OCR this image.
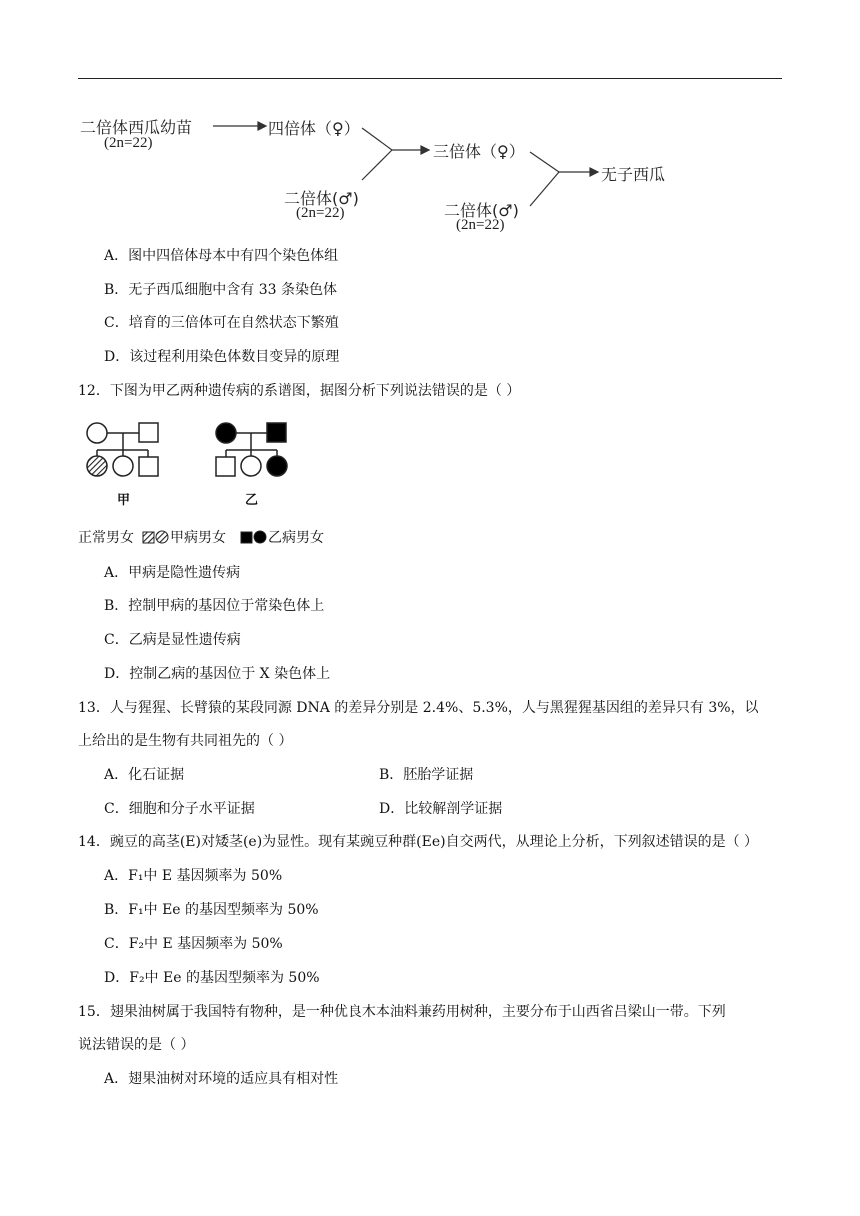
二倍体西瓜幼苗
(2n=22)
四倍体（♀）
二倍体(♂)
(2n=22)
三倍体（♀）
二倍体(♂)
(2n=22)
无子西瓜
A．图中四倍体母本中有四个染色体组
B．无子西瓜细胞中含有 33 条染色体
C．培育的三倍体可在自然状态下繁殖
D．该过程利用染色体数目变异的原理
12．下图为甲乙两种遗传病的系谱图，据图分析下列说法错误的是（ ）
甲	乙
正常男女	甲病男女	乙病男女
A．甲病是隐性遗传病
B．控制甲病的基因位于常染色体上
C．乙病是显性遗传病
D．控制乙病的基因位于 X 染色体上
13．人与猩猩、长臂猿的某段同源 DNA 的差异分别是 2.4%、5.3%，人与黑猩猩基因组的差异只有 3%，以
上给出的是生物有共同祖先的（ ）
A．化石证据	B．胚胎学证据
C．细胞和分子水平证据	D．比较解剖学证据
14．豌豆的高茎(E)对矮茎(e)为显性。现有某豌豆种群(Ee)自交两代，从理论上分析，下列叙述错误的是（ ）
A．F₁中 E 基因频率为 50%
B．F₁中 Ee 的基因型频率为 50%
C．F₂中 E 基因频率为 50%
D．F₂中 Ee 的基因型频率为 50%
15．翅果油树属于我国特有物种，是一种优良木本油料兼药用树种，主要分布于山西省吕梁山一带。下列
说法错误的是（ ）
A．翅果油树对环境的适应具有相对性
